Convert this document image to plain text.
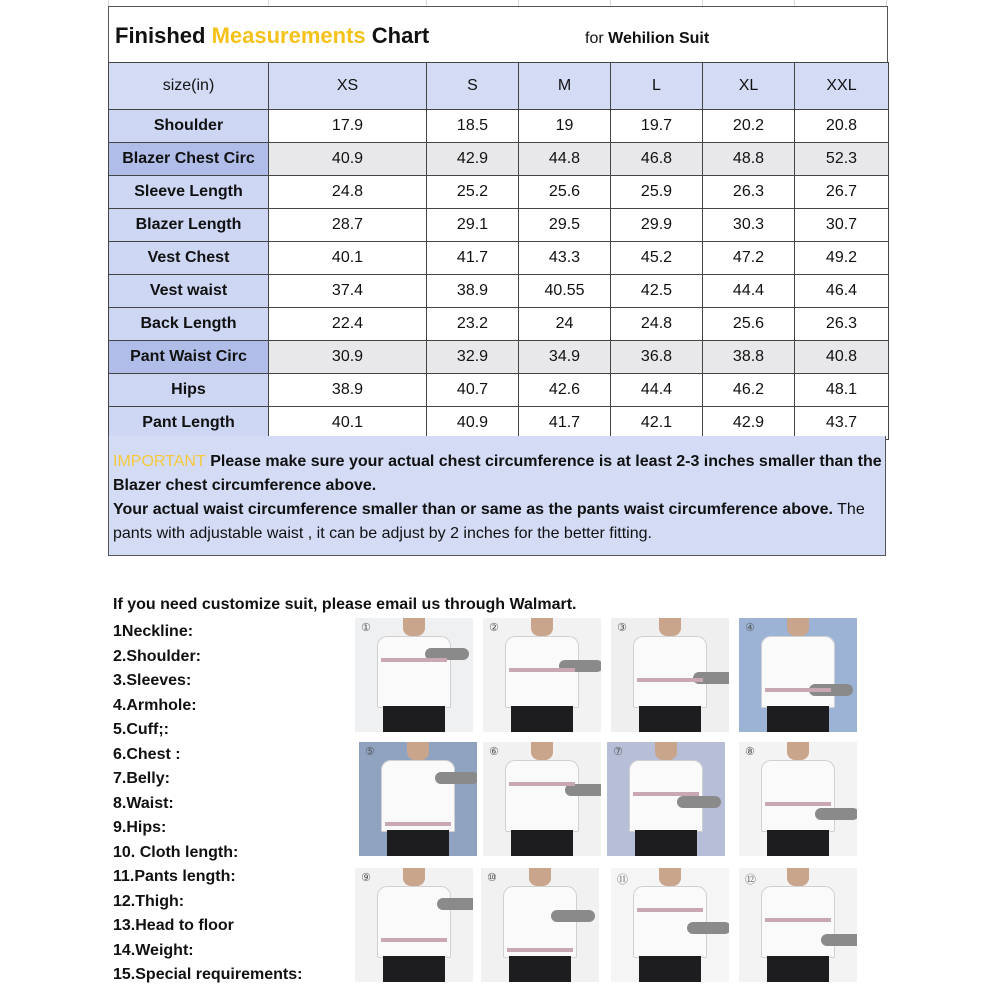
Finished Measurements Chart	for Wehilion Suit
size(in)	XS	S	M	L	XL	XXL
Shoulder	17.9	18.5	19	19.7	20.2	20.8
Blazer Chest Circ	40.9	42.9	44.8	46.8	48.8	52.3
Sleeve Length	24.8	25.2	25.6	25.9	26.3	26.7
Blazer Length	28.7	29.1	29.5	29.9	30.3	30.7
Vest Chest	40.1	41.7	43.3	45.2	47.2	49.2
Vest waist	37.4	38.9	40.55	42.5	44.4	46.4
Back Length	22.4	23.2	24	24.8	25.6	26.3
Pant Waist Circ	30.9	32.9	34.9	36.8	38.8	40.8
Hips	38.9	40.7	42.6	44.4	46.2	48.1
Pant Length	40.1	40.9	41.7	42.1	42.9	43.7
IMPORTANT Please make sure your actual chest circumference is at least 2-3 inches smaller than the Blazer chest circumference above.
Your actual waist circumference smaller than or same as the pants waist circumference above. The pants with adjustable waist , it can be adjust by 2 inches for the better fitting.
If you need customize suit, please email us through Walmart.
1Neckline:
2.Shoulder:
3.Sleeves:
4.Armhole:
5.Cuff;:
6.Chest :
7.Belly:
8.Waist:
9.Hips:
10. Cloth length:
11.Pants length:
12.Thigh:
13.Head to floor
14.Weight:
15.Special requirements:
①	②	③	④
⑤	⑥	⑦	⑧
⑨	⑩	⑪	⑫
